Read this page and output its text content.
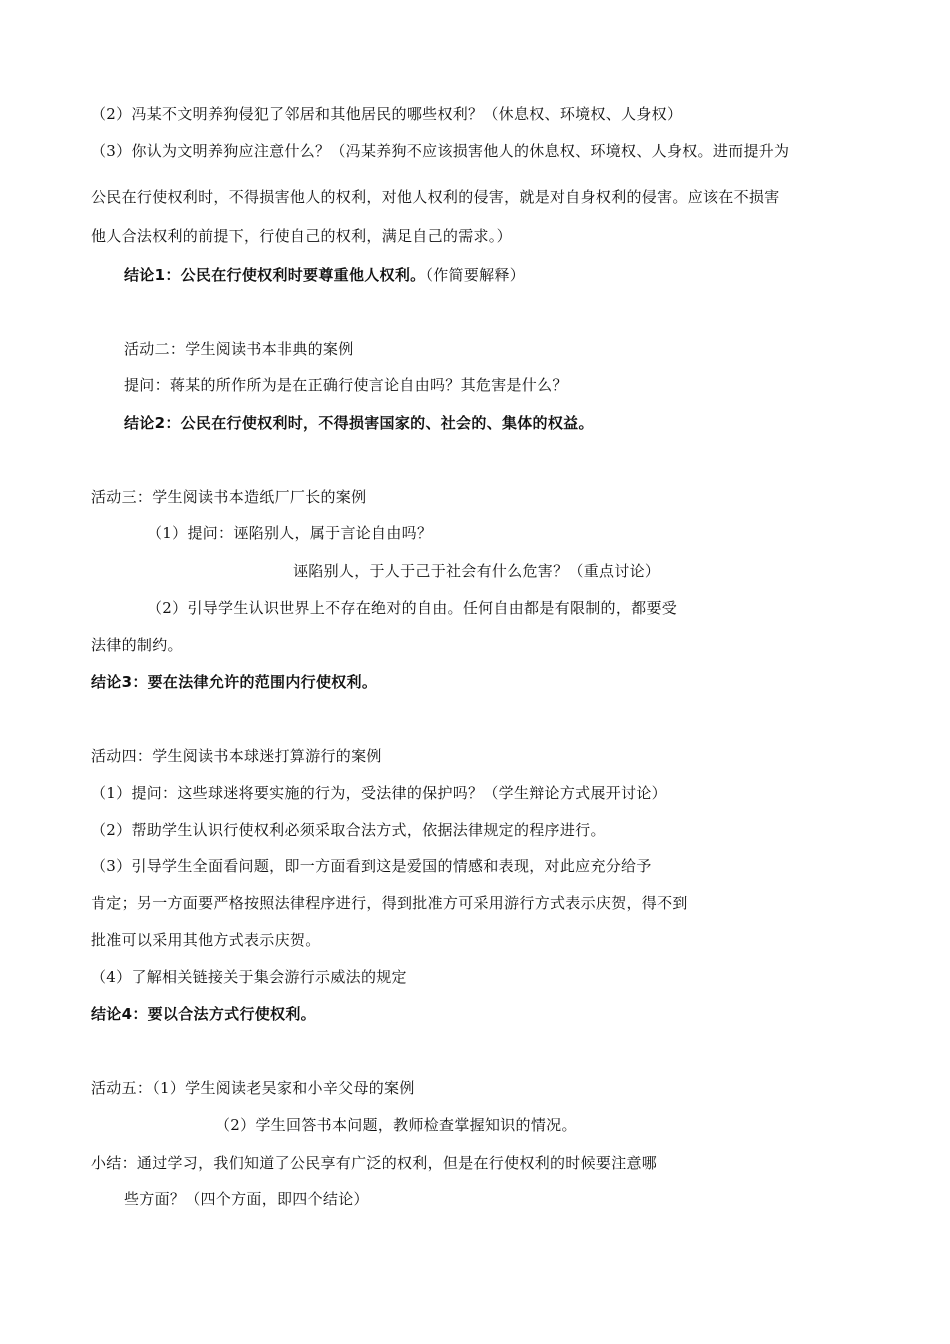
（2）冯某不文明养狗侵犯了邻居和其他居民的哪些权利？（休息权、环境权、人身权）
（3）你认为文明养狗应注意什么？（冯某养狗不应该损害他人的休息权、环境权、人身权。进而提升为
公民在行使权利时，不得损害他人的权利，对他人权利的侵害，就是对自身权利的侵害。应该在不损害
他人合法权利的前提下，行使自己的权利，满足自己的需求。）
结论1：公民在行使权利时要尊重他人权利。（作简要解释）
活动二：学生阅读书本非典的案例
提问：蒋某的所作所为是在正确行使言论自由吗？其危害是什么？
结论2：公民在行使权利时，不得损害国家的、社会的、集体的权益。
活动三：学生阅读书本造纸厂厂长的案例
（1）提问：诬陷别人，属于言论自由吗？
诬陷别人，于人于己于社会有什么危害？（重点讨论）
（2）引导学生认识世界上不存在绝对的自由。任何自由都是有限制的，都要受
法律的制约。
结论3：要在法律允许的范围内行使权利。
活动四：学生阅读书本球迷打算游行的案例
（1）提问：这些球迷将要实施的行为，受法律的保护吗？（学生辩论方式展开讨论）
（2）帮助学生认识行使权利必须采取合法方式，依据法律规定的程序进行。
（3）引导学生全面看问题，即一方面看到这是爱国的情感和表现，对此应充分给予
肯定；另一方面要严格按照法律程序进行，得到批准方可采用游行方式表示庆贺，得不到
批准可以采用其他方式表示庆贺。
（4）了解相关链接关于集会游行示威法的规定
结论4：要以合法方式行使权利。
活动五：（1）学生阅读老吴家和小辛父母的案例
（2）学生回答书本问题，教师检查掌握知识的情况。
小结：通过学习，我们知道了公民享有广泛的权利，但是在行使权利的时候要注意哪
些方面？（四个方面，即四个结论）
